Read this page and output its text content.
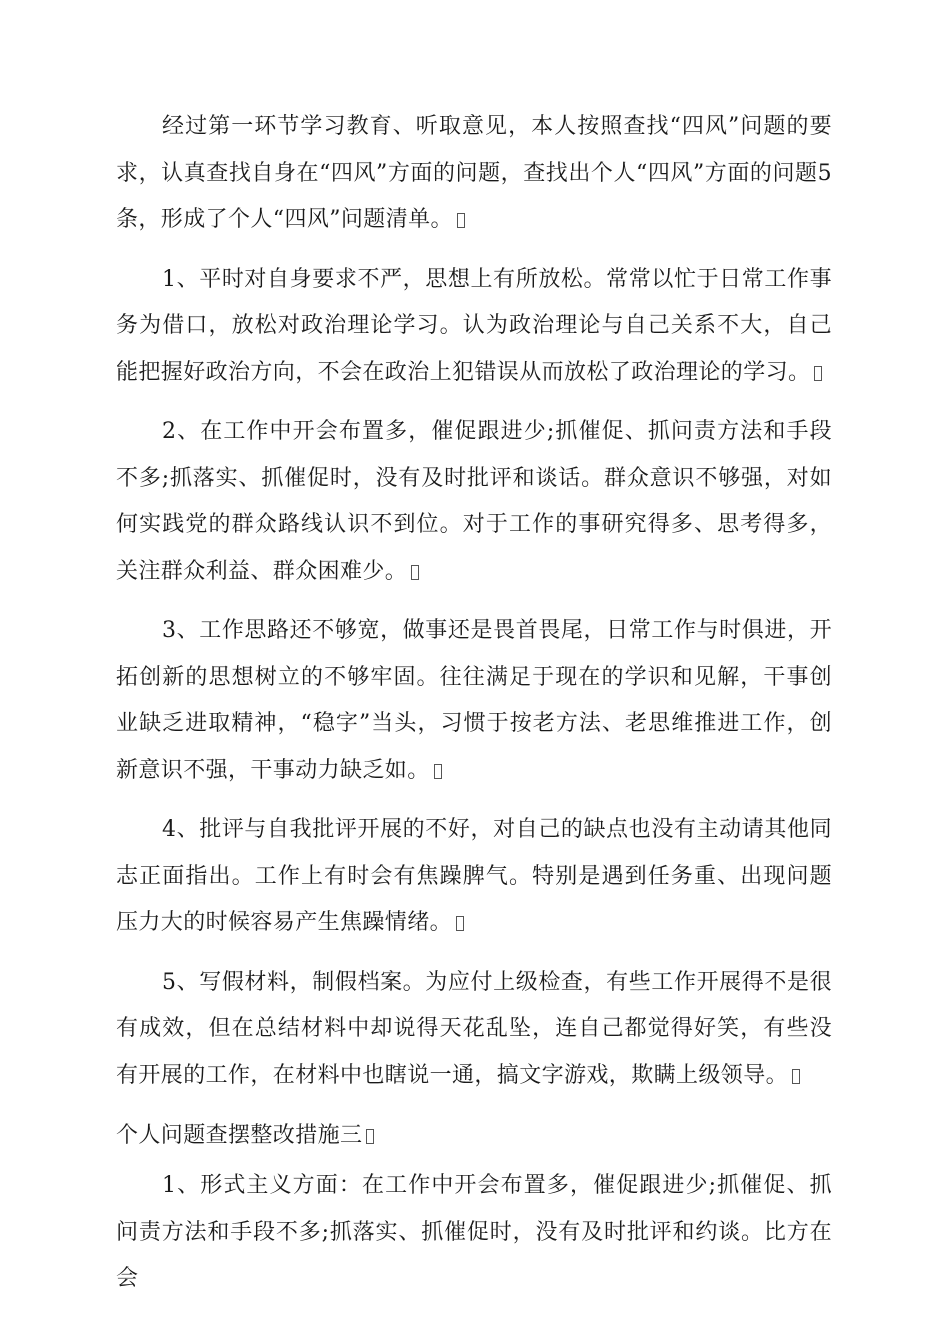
经过第一环节学习教育、听取意见，本人按照查找“四风”问题的要求，认真查找自身在“四风”方面的问题，查找出个人“四风”方面的问题5条，形成了个人“四风”问题清单。

1、平时对自身要求不严，思想上有所放松。常常以忙于日常工作事务为借口，放松对政治理论学习。认为政治理论与自己关系不大，自己能把握好政治方向，不会在政治上犯错误从而放松了政治理论的学习。

2、在工作中开会布置多，催促跟进少;抓催促、抓问责方法和手段不多;抓落实、抓催促时，没有及时批评和谈话。群众意识不够强，对如何实践党的群众路线认识不到位。对于工作的事研究得多、思考得多，关注群众利益、群众困难少。

3、工作思路还不够宽，做事还是畏首畏尾，日常工作与时俱进，开拓创新的思想树立的不够牢固。往往满足于现在的学识和见解，干事创业缺乏进取精神，“稳字”当头，习惯于按老方法、老思维推进工作，创新意识不强，干事动力缺乏如。

4、批评与自我批评开展的不好，对自己的缺点也没有主动请其他同志正面指出。工作上有时会有焦躁脾气。特别是遇到任务重、出现问题压力大的时候容易产生焦躁情绪。

5、写假材料，制假档案。为应付上级检查，有些工作开展得不是很有成效，但在总结材料中却说得天花乱坠，连自己都觉得好笑，有些没有开展的工作，在材料中也瞎说一通，搞文字游戏，欺瞒上级领导。

个人问题查摆整改措施三

1、形式主义方面：在工作中开会布置多，催促跟进少;抓催促、抓问责方法和手段不多;抓落实、抓催促时，没有及时批评和约谈。比方在会
